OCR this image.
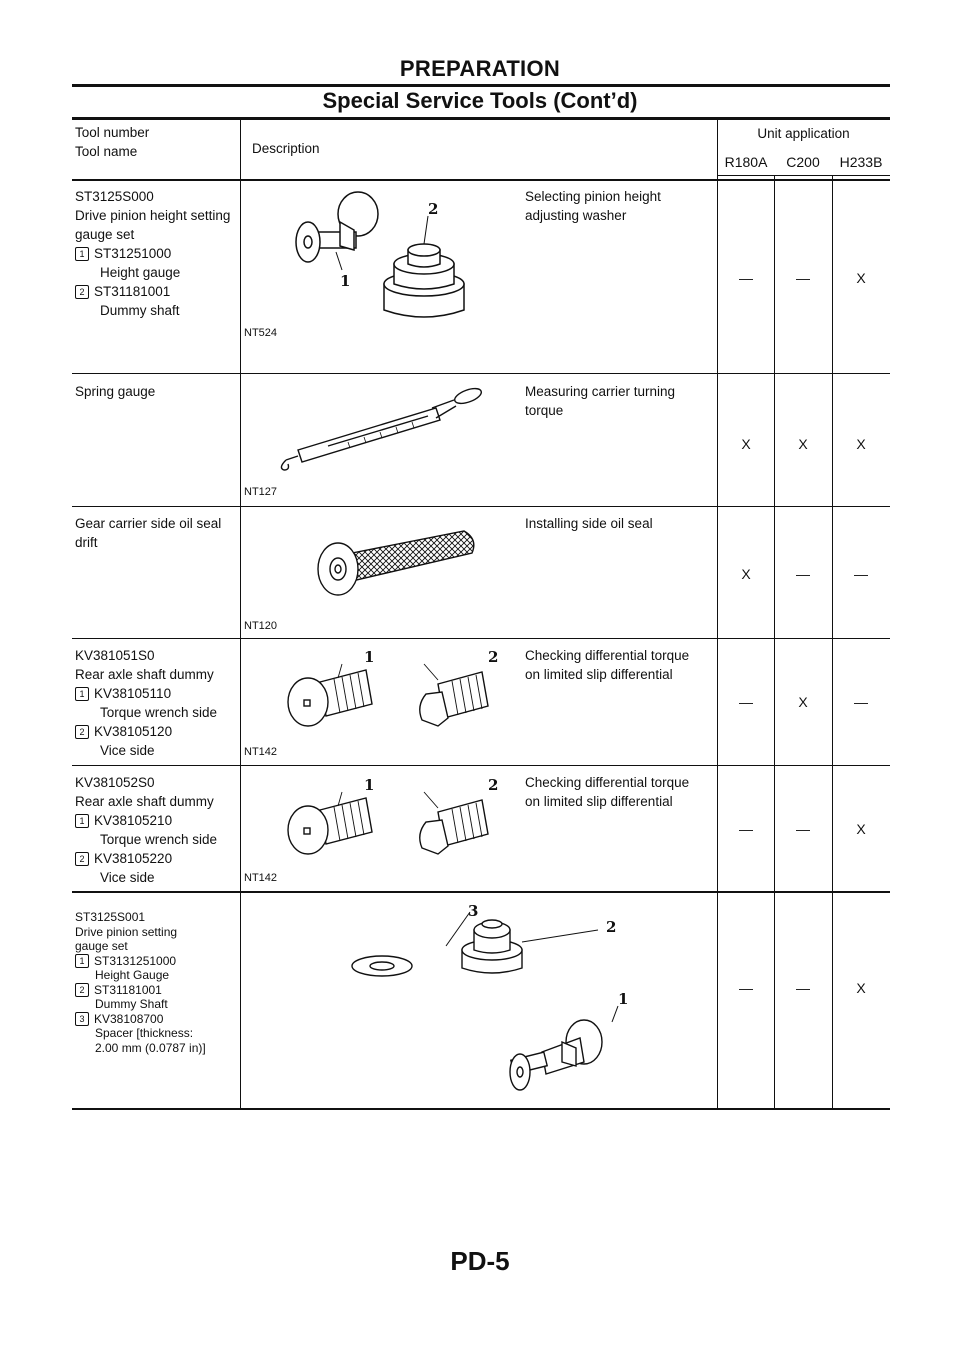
PREPARATION
Special Service Tools (Cont’d)
Tool number
Tool name	Description
Unit application
R180A	C200	H233B
ST3125S000
Drive pinion height setting
gauge set
1 ST31251000
Height gauge
2 ST31181001
Dummy shaft
2
1
NT524
Selecting pinion height
adjusting washer
—	—	X
Spring gauge
NT127
Measuring carrier turning
torque
X	X	X
Gear carrier side oil seal
drift
NT120
Installing side oil seal
X	—	—
KV381051S0
Rear axle shaft dummy
1 KV38105110
Torque wrench side
2 KV38105120
Vice side
1	2
NT142
Checking differential torque
on limited slip differential
—	X	—
KV381052S0
Rear axle shaft dummy
1 KV38105210
Torque wrench side
2 KV38105220
Vice side
1	2
NT142
Checking differential torque
on limited slip differential
—	—	X
ST3125S001
Drive pinion setting
gauge set
1 ST3131251000
Height Gauge
2 ST31181001
Dummy Shaft
3 KV38108700
Spacer [thickness:
2.00 mm (0.0787 in)]
3
2
1
—	—	X
PD-5
